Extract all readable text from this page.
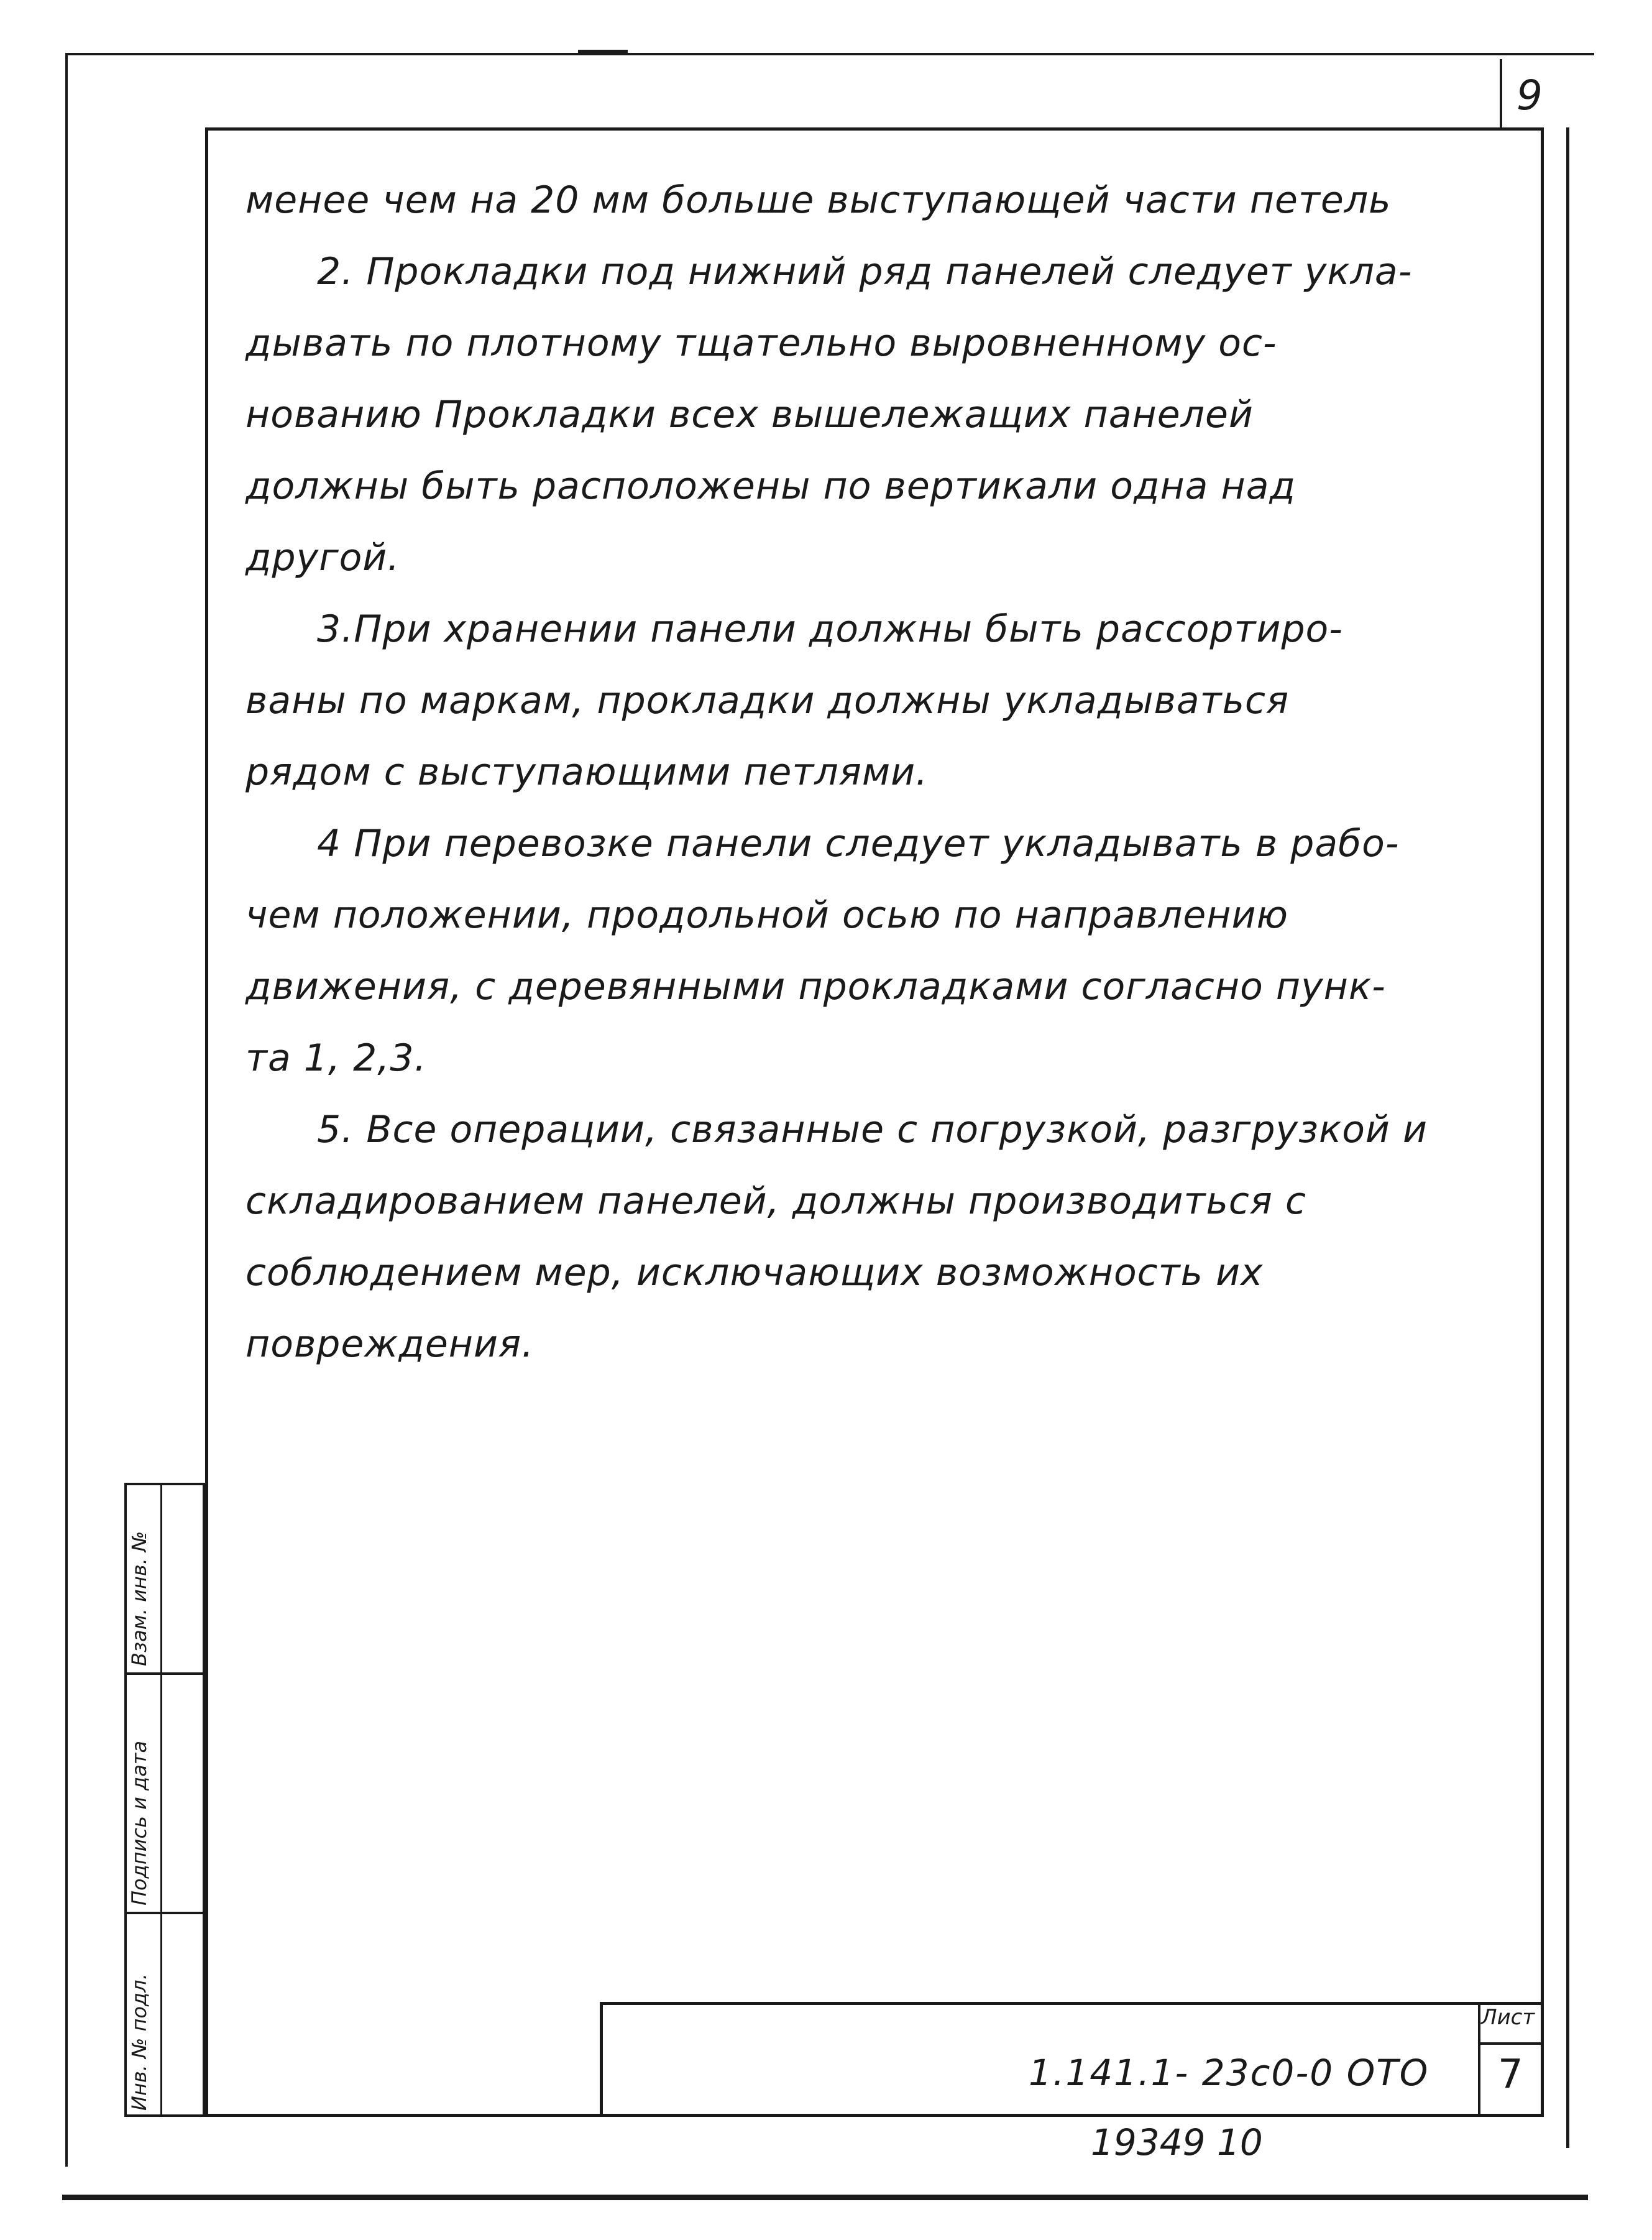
9
менее чем на 20 мм больше выступающей части петель
2. Прокладки под нижний ряд панелей следует укла-
дывать по плотному тщательно выровненному ос-
нованию Прокладки всех вышележащих панелей
должны быть расположены по вертикали одна над
другой.
3.При хранении панели должны быть рассортиро-
ваны по маркам, прокладки должны укладываться
рядом с выступающими петлями.
4 При перевозке панели следует укладывать в рабо-
чем положении, продольной осью по направлению
движения, с деревянными прокладками согласно пунк-
та 1, 2,3.
5. Все операции, связанные с погрузкой, разгрузкой и
складированием панелей, должны производиться с
соблюдением мер, исключающих возможность их
повреждения.
Инв. № подл.
Подпись и дата
Взам. инв. №
Лист
7
1.141.1- 23с0-0 ОТО
19349 10
